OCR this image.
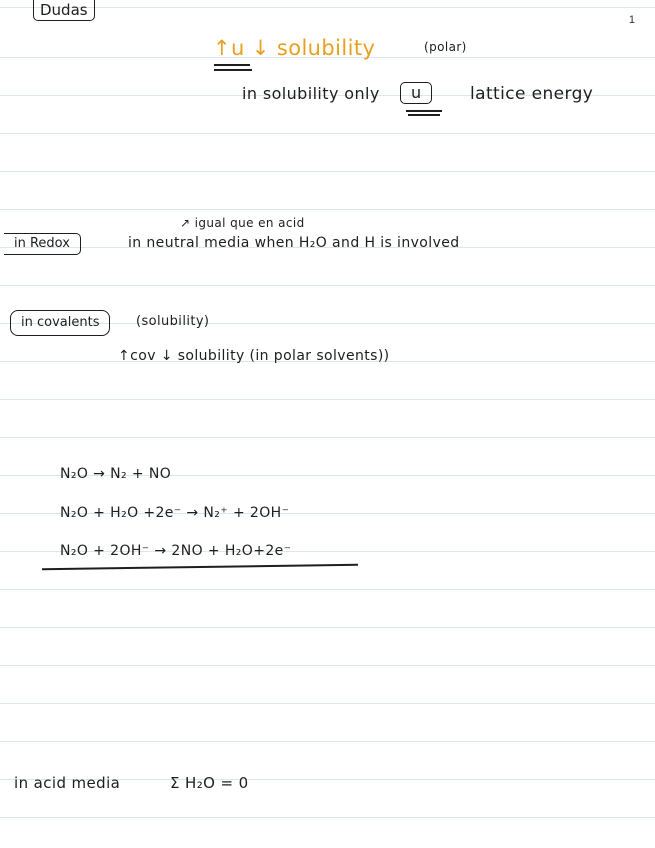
1
Dudas
↑u ↓ solubility	(polar)
in solubility only	u	lattice energy
↗ igual que en acid
in Redox	in neutral media when H₂O and H is involved
in covalents	(solubility)
↑cov ↓ solubility (in polar solvents))
N₂O → N₂ + NO
N₂O + H₂O +2e⁻ → N₂⁺ + 2OH⁻
N₂O + 2OH⁻ → 2NO + H₂O+2e⁻
in acid media	Σ H₂O = 0
